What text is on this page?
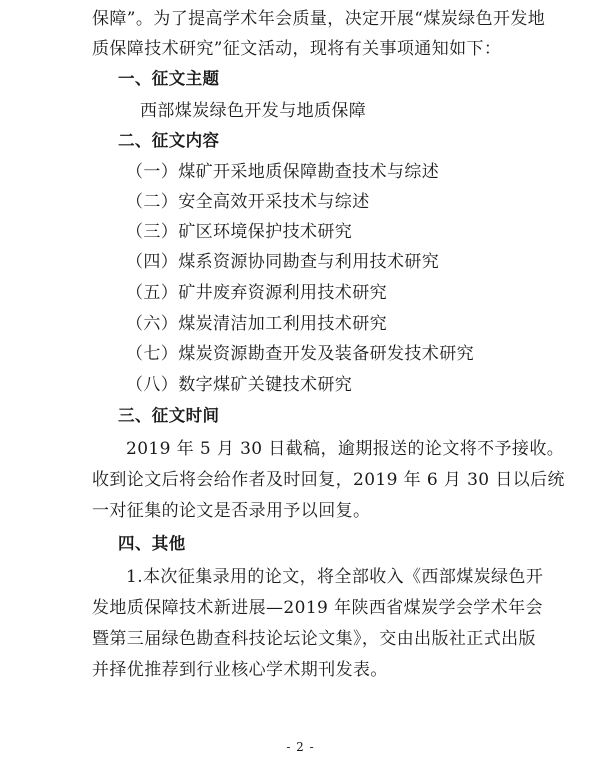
保障”。为了提高学术年会质量，决定开展“煤炭绿色开发地
质保障技术研究”征文活动，现将有关事项通知如下：
一、征文主题
西部煤炭绿色开发与地质保障
二、征文内容
（一）煤矿开采地质保障勘查技术与综述
（二）安全高效开采技术与综述
（三）矿区环境保护技术研究
（四）煤系资源协同勘查与利用技术研究
（五）矿井废弃资源利用技术研究
（六）煤炭清洁加工利用技术研究
（七）煤炭资源勘查开发及装备研发技术研究
（八）数字煤矿关键技术研究
三、征文时间
2019 年 5 月 30 日截稿，逾期报送的论文将不予接收。
收到论文后将会给作者及时回复，2019 年 6 月 30 日以后统
一对征集的论文是否录用予以回复。
四、其他
1.本次征集录用的论文，将全部收入《西部煤炭绿色开
发地质保障技术新进展—2019 年陕西省煤炭学会学术年会
暨第三届绿色勘查科技论坛论文集》，交由出版社正式出版
并择优推荐到行业核心学术期刊发表。
- 2 -
